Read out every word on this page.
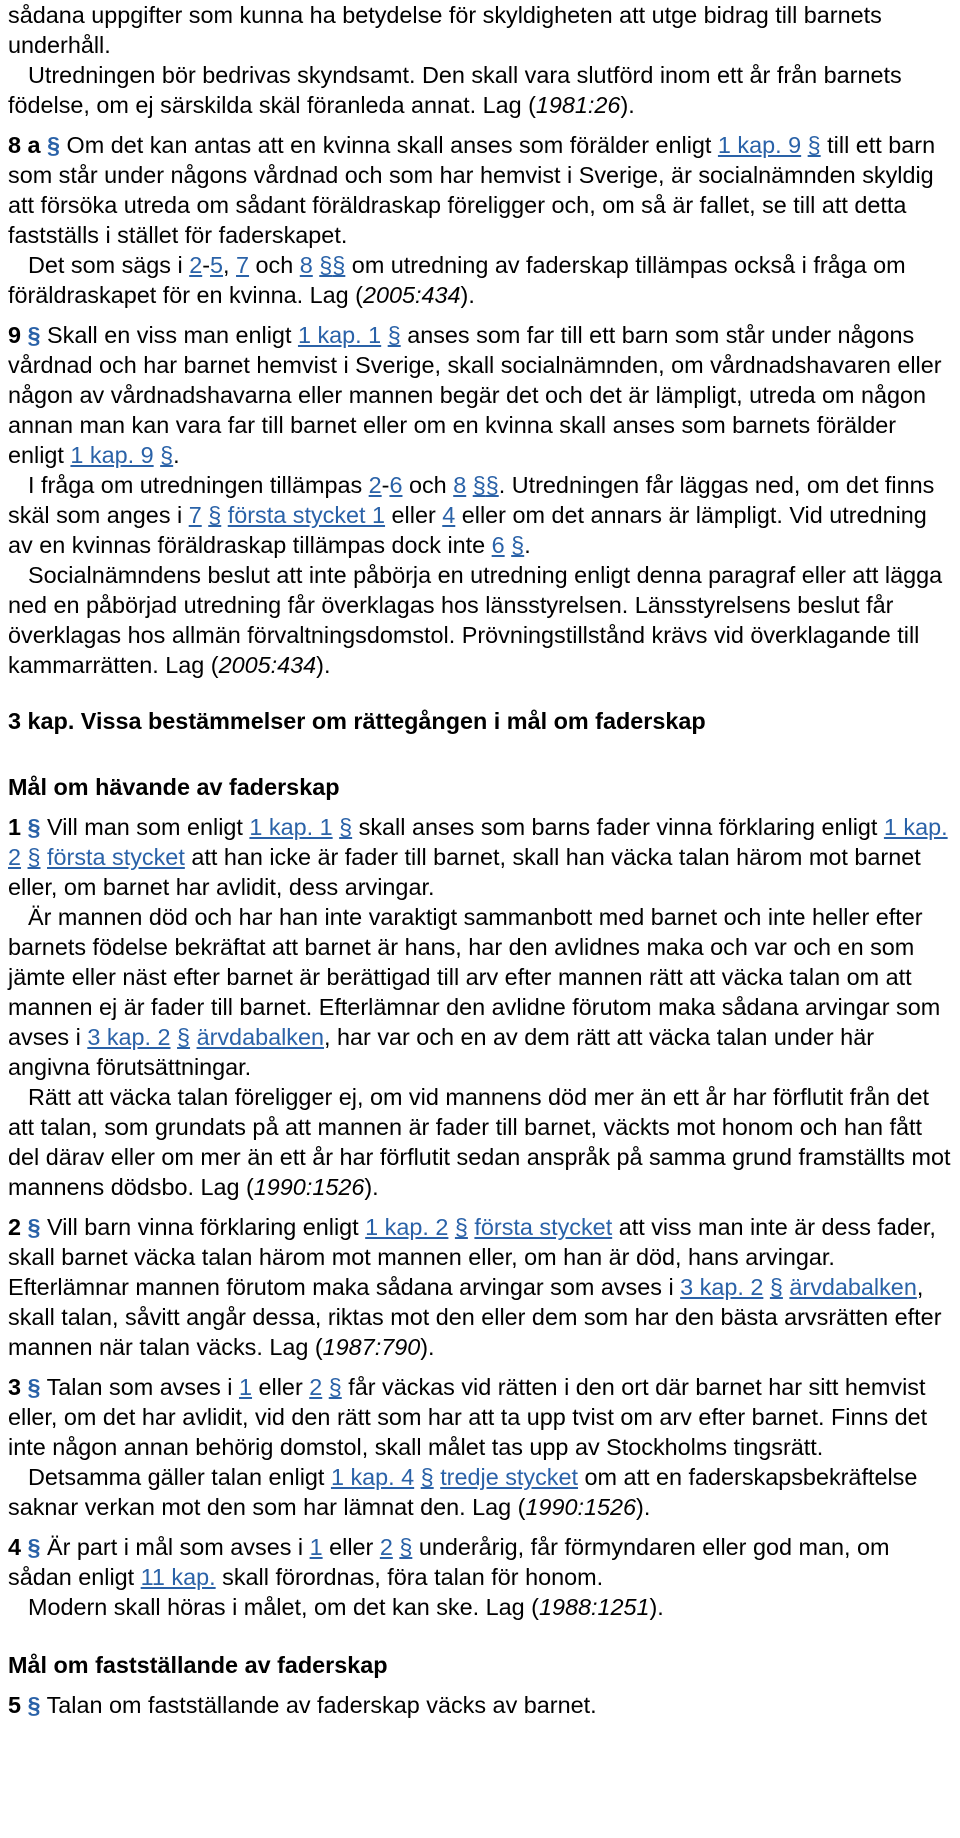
sådana uppgifter som kunna ha betydelse för skyldigheten att utge bidrag till barnets underhåll.

Utredningen bör bedrivas skyndsamt. Den skall vara slutförd inom ett år från barnets födelse, om ej särskilda skäl föranleda annat. Lag (1981:26).

8 a § Om det kan antas att en kvinna skall anses som förälder enligt 1 kap. 9 § till ett barn som står under någons vårdnad och som har hemvist i Sverige, är socialnämnden skyldig att försöka utreda om sådant föräldraskap föreligger och, om så är fallet, se till att detta fastställs i stället för faderskapet.

Det som sägs i 2-5, 7 och 8 §§ om utredning av faderskap tillämpas också i fråga om föräldraskapet för en kvinna. Lag (2005:434).

9 § Skall en viss man enligt 1 kap. 1 § anses som far till ett barn som står under någons vårdnad och har barnet hemvist i Sverige, skall socialnämnden, om vårdnadshavaren eller någon av vårdnadshavarna eller mannen begär det och det är lämpligt, utreda om någon annan man kan vara far till barnet eller om en kvinna skall anses som barnets förälder enligt 1 kap. 9 §.

I fråga om utredningen tillämpas 2-6 och 8 §§. Utredningen får läggas ned, om det finns skäl som anges i 7 § första stycket 1 eller 4 eller om det annars är lämpligt. Vid utredning av en kvinnas föräldraskap tillämpas dock inte 6 §.

Socialnämndens beslut att inte påbörja en utredning enligt denna paragraf eller att lägga ned en påbörjad utredning får överklagas hos länsstyrelsen. Länsstyrelsens beslut får överklagas hos allmän förvaltningsdomstol. Prövningstillstånd krävs vid överklagande till kammarrätten. Lag (2005:434).

3 kap. Vissa bestämmelser om rättegången i mål om faderskap
Mål om hävande av faderskap

1 § Vill man som enligt 1 kap. 1 § skall anses som barns fader vinna förklaring enligt 1 kap. 2 § första stycket att han icke är fader till barnet, skall han väcka talan härom mot barnet eller, om barnet har avlidit, dess arvingar.

Är mannen död och har han inte varaktigt sammanbott med barnet och inte heller efter barnets födelse bekräftat att barnet är hans, har den avlidnes maka och var och en som jämte eller näst efter barnet är berättigad till arv efter mannen rätt att väcka talan om att mannen ej är fader till barnet. Efterlämnar den avlidne förutom maka sådana arvingar som avses i 3 kap. 2 § ärvdabalken, har var och en av dem rätt att väcka talan under här angivna förutsättningar.

Rätt att väcka talan föreligger ej, om vid mannens död mer än ett år har förflutit från det att talan, som grundats på att mannen är fader till barnet, väckts mot honom och han fått del därav eller om mer än ett år har förflutit sedan anspråk på samma grund framställts mot mannens dödsbo. Lag (1990:1526).

2 § Vill barn vinna förklaring enligt 1 kap. 2 § första stycket att viss man inte är dess fader, skall barnet väcka talan härom mot mannen eller, om han är död, hans arvingar. Efterlämnar mannen förutom maka sådana arvingar som avses i 3 kap. 2 § ärvdabalken, skall talan, såvitt angår dessa, riktas mot den eller dem som har den bästa arvsrätten efter mannen när talan väcks. Lag (1987:790).

3 § Talan som avses i 1 eller 2 § får väckas vid rätten i den ort där barnet har sitt hemvist eller, om det har avlidit, vid den rätt som har att ta upp tvist om arv efter barnet. Finns det inte någon annan behörig domstol, skall målet tas upp av Stockholms tingsrätt.

Detsamma gäller talan enligt 1 kap. 4 § tredje stycket om att en faderskapsbekräftelse saknar verkan mot den som har lämnat den. Lag (1990:1526).

4 § Är part i mål som avses i 1 eller 2 § underårig, får förmyndaren eller god man, om sådan enligt 11 kap. skall förordnas, föra talan för honom.

Modern skall höras i målet, om det kan ske. Lag (1988:1251).

Mål om fastställande av faderskap

5 § Talan om fastställande av faderskap väcks av barnet.
